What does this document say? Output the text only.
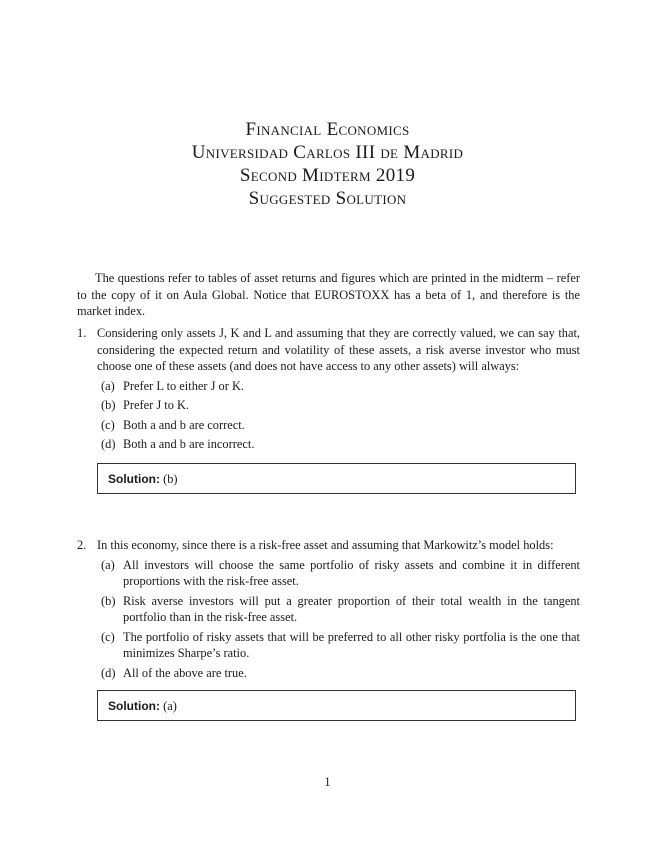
Financial Economics

Universidad Carlos III de Madrid

Second Midterm 2019

Suggested Solution

The questions refer to tables of asset returns and figures which are printed in the midterm – refer to the copy of it on Aula Global. Notice that EUROSTOXX has a beta of 1, and therefore is the market index.

1. Considering only assets J, K and L and assuming that they are correctly valued, we can say that, considering the expected return and volatility of these assets, a risk averse investor who must choose one of these assets (and does not have access to any other assets) will always:
(a) Prefer L to either J or K.
(b) Prefer J to K.
(c) Both a and b are correct.
(d) Both a and b are incorrect.
Solution: (b)
2. In this economy, since there is a risk-free asset and assuming that Markowitz’s model holds:
(a) All investors will choose the same portfolio of risky assets and combine it in different proportions with the risk-free asset.
(b) Risk averse investors will put a greater proportion of their total wealth in the tangent portfolio than in the risk-free asset.
(c) The portfolio of risky assets that will be preferred to all other risky portfolia is the one that minimizes Sharpe’s ratio.
(d) All of the above are true.
Solution: (a)
1
